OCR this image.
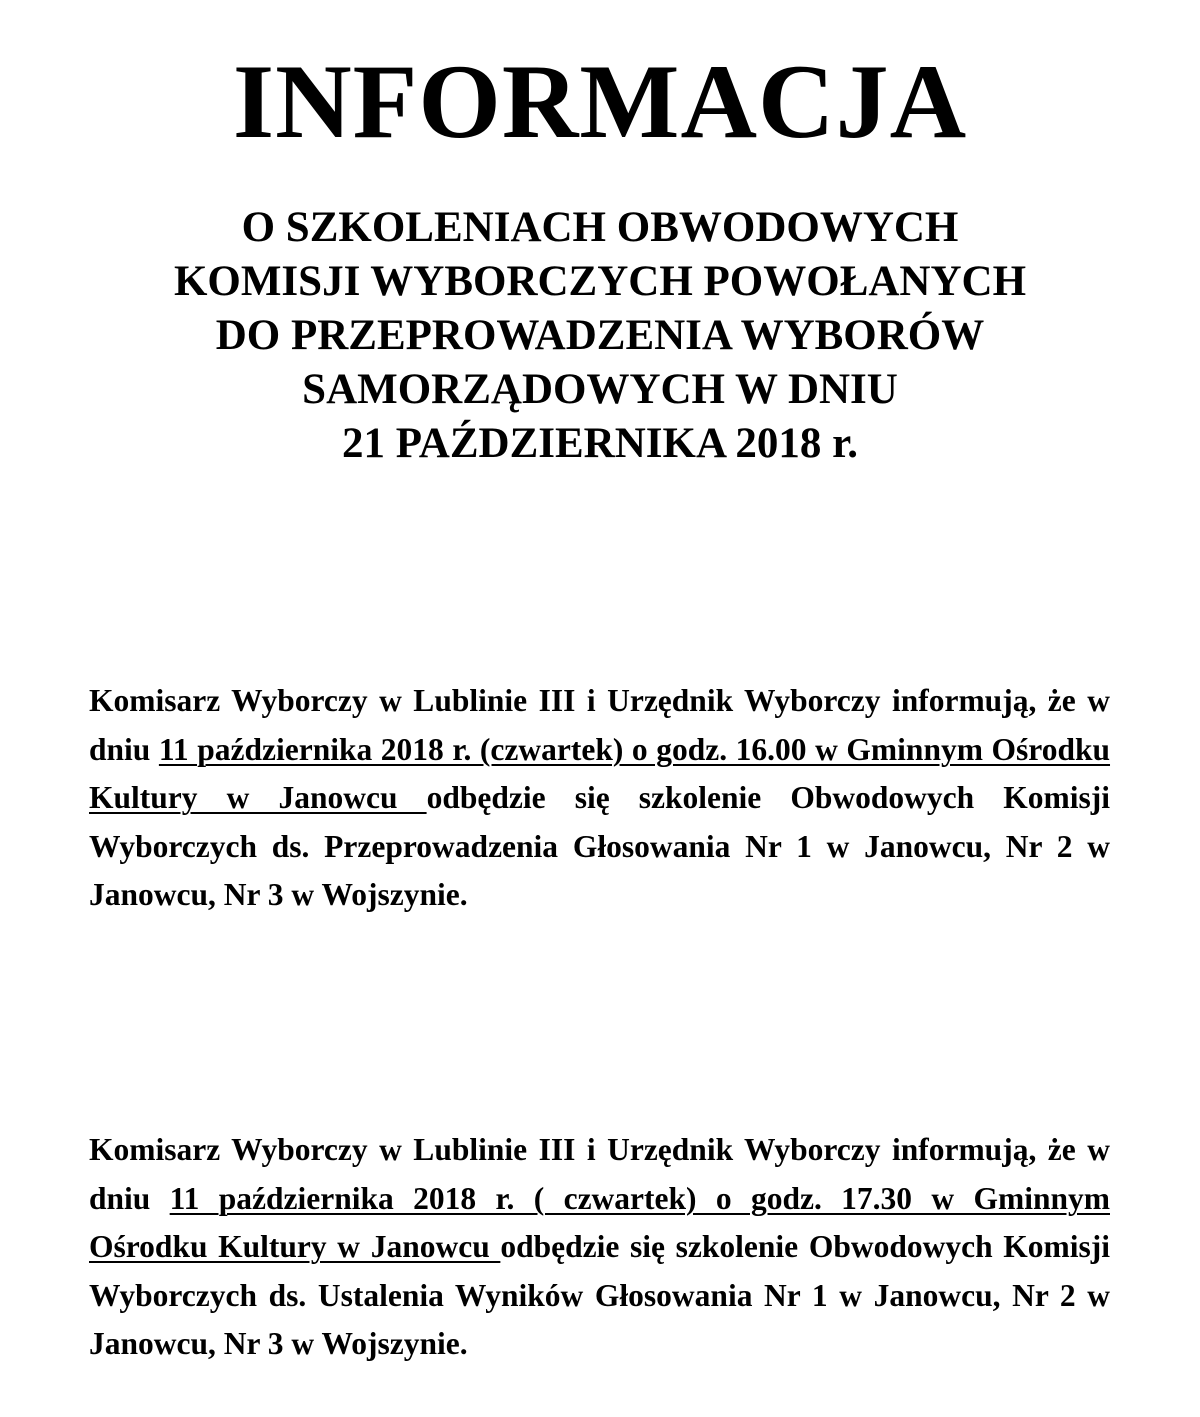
INFORMACJA
O SZKOLENIACH OBWODOWYCH
KOMISJI WYBORCZYCH POWOŁANYCH
DO PRZEPROWADZENIA WYBORÓW
SAMORZĄDOWYCH W DNIU
21 PAŹDZIERNIKA 2018 r.

Komisarz Wyborczy w Lublinie III i Urzędnik Wyborczy informują, że w dniu 11 października 2018 r. (czwartek) o godz. 16.00 w Gminnym Ośrodku Kultury w Janowcu odbędzie się szkolenie Obwodowych Komisji Wyborczych ds. Przeprowadzenia Głosowania Nr 1 w Janowcu, Nr 2 w Janowcu, Nr 3 w Wojszynie.

Komisarz Wyborczy w Lublinie III i Urzędnik Wyborczy informują, że w dniu 11 października 2018 r. ( czwartek) o godz. 17.30 w Gminnym Ośrodku Kultury w Janowcu odbędzie się szkolenie Obwodowych Komisji Wyborczych ds. Ustalenia Wyników Głosowania Nr 1 w Janowcu, Nr 2 w Janowcu, Nr 3 w Wojszynie.
